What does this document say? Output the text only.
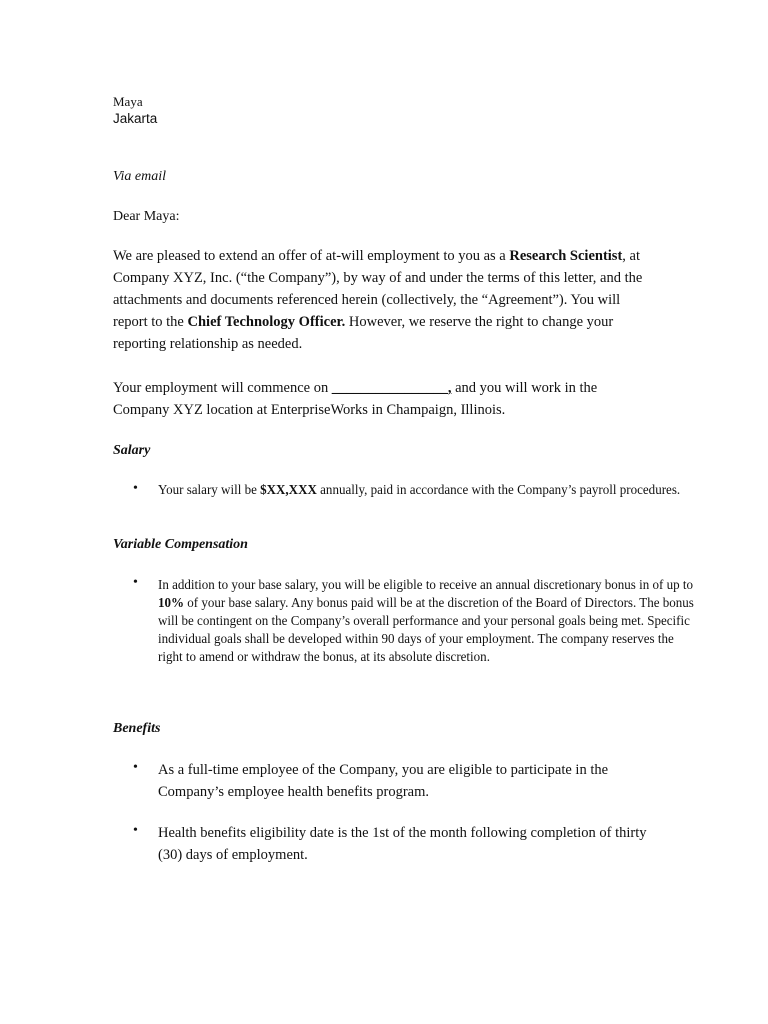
Maya
Jakarta
Via email
Dear Maya:
We are pleased to extend an offer of at-will employment to you as a Research Scientist, at Company XYZ, Inc. (“the Company”), by way of and under the terms of this letter, and the attachments and documents referenced herein (collectively, the “Agreement”). You will report to the Chief Technology Officer. However, we reserve the right to change your reporting relationship as needed.
Your employment will commence on ________________, and you will work in the Company XYZ location at EnterpriseWorks in Champaign, Illinois.
Salary
• Your salary will be $XX,XXX annually, paid in accordance with the Company’s payroll procedures.
Variable Compensation
• In addition to your base salary, you will be eligible to receive an annual discretionary bonus in of up to 10% of your base salary. Any bonus paid will be at the discretion of the Board of Directors. The bonus will be contingent on the Company’s overall performance and your personal goals being met. Specific individual goals shall be developed within 90 days of your employment. The company reserves the right to amend or withdraw the bonus, at its absolute discretion.
Benefits
• As a full-time employee of the Company, you are eligible to participate in the Company’s employee health benefits program.
• Health benefits eligibility date is the 1st of the month following completion of thirty (30) days of employment.
